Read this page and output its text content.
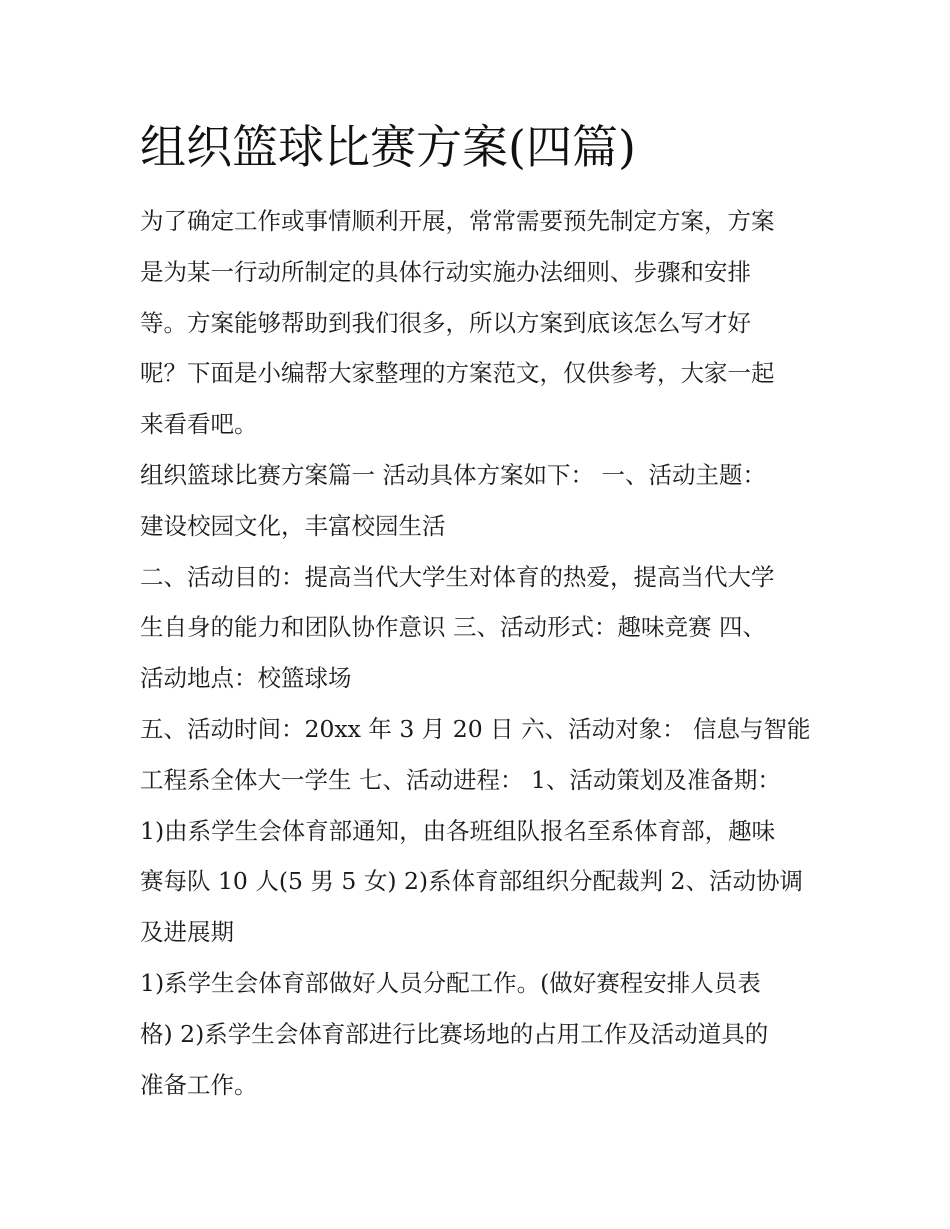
组织篮球比赛方案(四篇)
为了确定工作或事情顺利开展，常常需要预先制定方案，方案
是为某一行动所制定的具体行动实施办法细则、步骤和安排
等。方案能够帮助到我们很多，所以方案到底该怎么写才好
呢？下面是小编帮大家整理的方案范文，仅供参考，大家一起
来看看吧。
组织篮球比赛方案篇一 活动具体方案如下： 一、活动主题：
建设校园文化，丰富校园生活
二、活动目的：提高当代大学生对体育的热爱，提高当代大学
生自身的能力和团队协作意识 三、活动形式：趣味竞赛 四、
活动地点：校篮球场
五、活动时间：20xx 年 3 月 20 日 六、活动对象： 信息与智能
工程系全体大一学生 七、活动进程： 1、活动策划及准备期：
1)由系学生会体育部通知，由各班组队报名至系体育部，趣味
赛每队 10 人(5 男 5 女) 2)系体育部组织分配裁判 2、活动协调
及进展期
1)系学生会体育部做好人员分配工作。(做好赛程安排人员表
格) 2)系学生会体育部进行比赛场地的占用工作及活动道具的
准备工作。
